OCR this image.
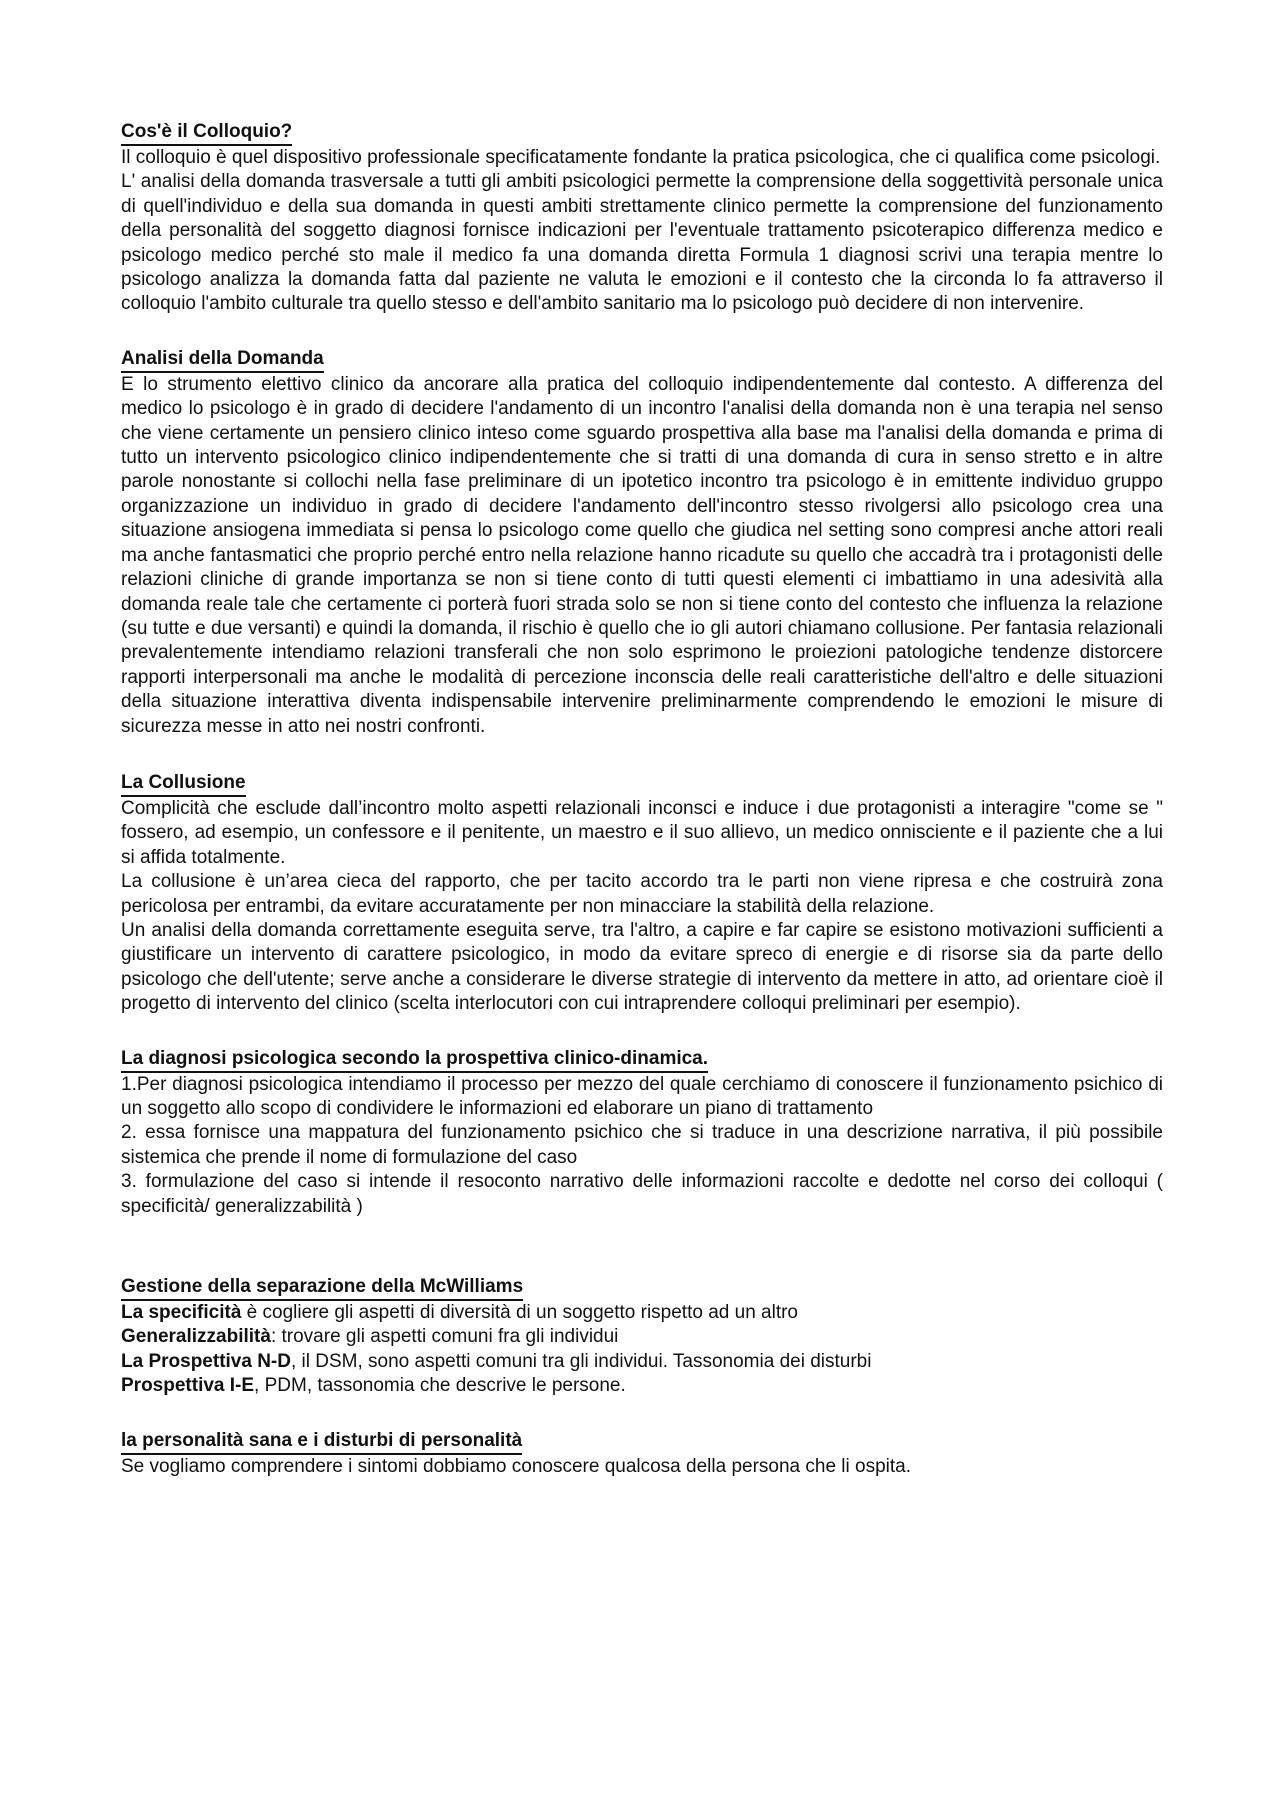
Cos'è il Colloquio?

Il colloquio è quel dispositivo professionale specificatamente fondante la pratica psicologica, che ci qualifica come psicologi.

L' analisi della domanda trasversale a tutti gli ambiti psicologici permette la comprensione della soggettività personale unica di quell'individuo e della sua domanda in questi ambiti strettamente clinico permette la comprensione del funzionamento della personalità del soggetto diagnosi fornisce indicazioni per l'eventuale trattamento psicoterapico differenza medico e psicologo medico perché sto male il medico fa una domanda diretta Formula 1 diagnosi scrivi una terapia mentre lo psicologo analizza la domanda fatta dal paziente ne valuta le emozioni e il contesto che la circonda lo fa attraverso il colloquio l'ambito culturale tra quello stesso e dell'ambito sanitario ma lo psicologo può decidere di non intervenire.

Analisi della Domanda

E lo strumento elettivo clinico da ancorare alla pratica del colloquio indipendentemente dal contesto. A differenza del medico lo psicologo è in grado di decidere l'andamento di un incontro l'analisi della domanda non è una terapia nel senso che viene certamente un pensiero clinico inteso come sguardo prospettiva alla base ma l'analisi della domanda e prima di tutto un intervento psicologico clinico indipendentemente che si tratti di una domanda di cura in senso stretto e in altre parole nonostante si collochi nella fase preliminare di un ipotetico incontro tra psicologo è in emittente individuo gruppo organizzazione un individuo in grado di decidere l'andamento dell'incontro stesso rivolgersi allo psicologo crea una situazione ansiogena immediata si pensa lo psicologo come quello che giudica nel setting sono compresi anche attori reali ma anche fantasmatici che proprio perché entro nella relazione hanno ricadute su quello che accadrà tra i protagonisti delle relazioni cliniche di grande importanza se non si tiene conto di tutti questi elementi ci imbattiamo in una adesività alla domanda reale tale che certamente ci porterà fuori strada solo se non si tiene conto del contesto che influenza la relazione (su tutte e due versanti) e quindi la domanda, il rischio è quello che io gli autori chiamano collusione. Per fantasia relazionali prevalentemente intendiamo relazioni transferali che non solo esprimono le proiezioni patologiche tendenze distorcere rapporti interpersonali ma anche le modalità di percezione inconscia delle reali caratteristiche dell'altro e delle situazioni della situazione interattiva diventa indispensabile intervenire preliminarmente comprendendo le emozioni le misure di sicurezza messe in atto nei nostri confronti.

La Collusione

Complicità che esclude dall’incontro molto aspetti relazionali inconsci e induce i due protagonisti a interagire "come se " fossero, ad esempio, un confessore e il penitente, un maestro e il suo allievo, un medico onnisciente e il paziente che a lui si affida totalmente.

La collusione è un’area cieca del rapporto, che per tacito accordo tra le parti non viene ripresa e che costruirà zona pericolosa per entrambi, da evitare accuratamente per non minacciare la stabilità della relazione.

Un analisi della domanda correttamente eseguita serve, tra l'altro, a capire e far capire se esistono motivazioni sufficienti a giustificare un intervento di carattere psicologico, in modo da evitare spreco di energie e di risorse sia da parte dello psicologo che dell'utente; serve anche a considerare le diverse strategie di intervento da mettere in atto, ad orientare cioè il progetto di intervento del clinico (scelta interlocutori con cui intraprendere colloqui preliminari per esempio).

La diagnosi psicologica secondo la prospettiva clinico-dinamica.

1.Per diagnosi psicologica intendiamo il processo per mezzo del quale cerchiamo di conoscere il funzionamento psichico di un soggetto allo scopo di condividere le informazioni ed elaborare un piano di trattamento

2. essa fornisce una mappatura del funzionamento psichico che si traduce in una descrizione narrativa, il più possibile sistemica che prende il nome di formulazione del caso

3. formulazione del caso si intende il resoconto narrativo delle informazioni raccolte e dedotte nel corso dei colloqui ( specificità/ generalizzabilità )

Gestione della separazione della McWilliams

La specificità è cogliere gli aspetti di diversità di un soggetto rispetto ad un altro

Generalizzabilità: trovare gli aspetti comuni fra gli individui

La Prospettiva N-D, il DSM, sono aspetti comuni tra gli individui. Tassonomia dei disturbi

Prospettiva I-E, PDM, tassonomia che descrive le persone.

la personalità sana e i disturbi di personalità

Se vogliamo comprendere i sintomi dobbiamo conoscere qualcosa della persona che li ospita.
